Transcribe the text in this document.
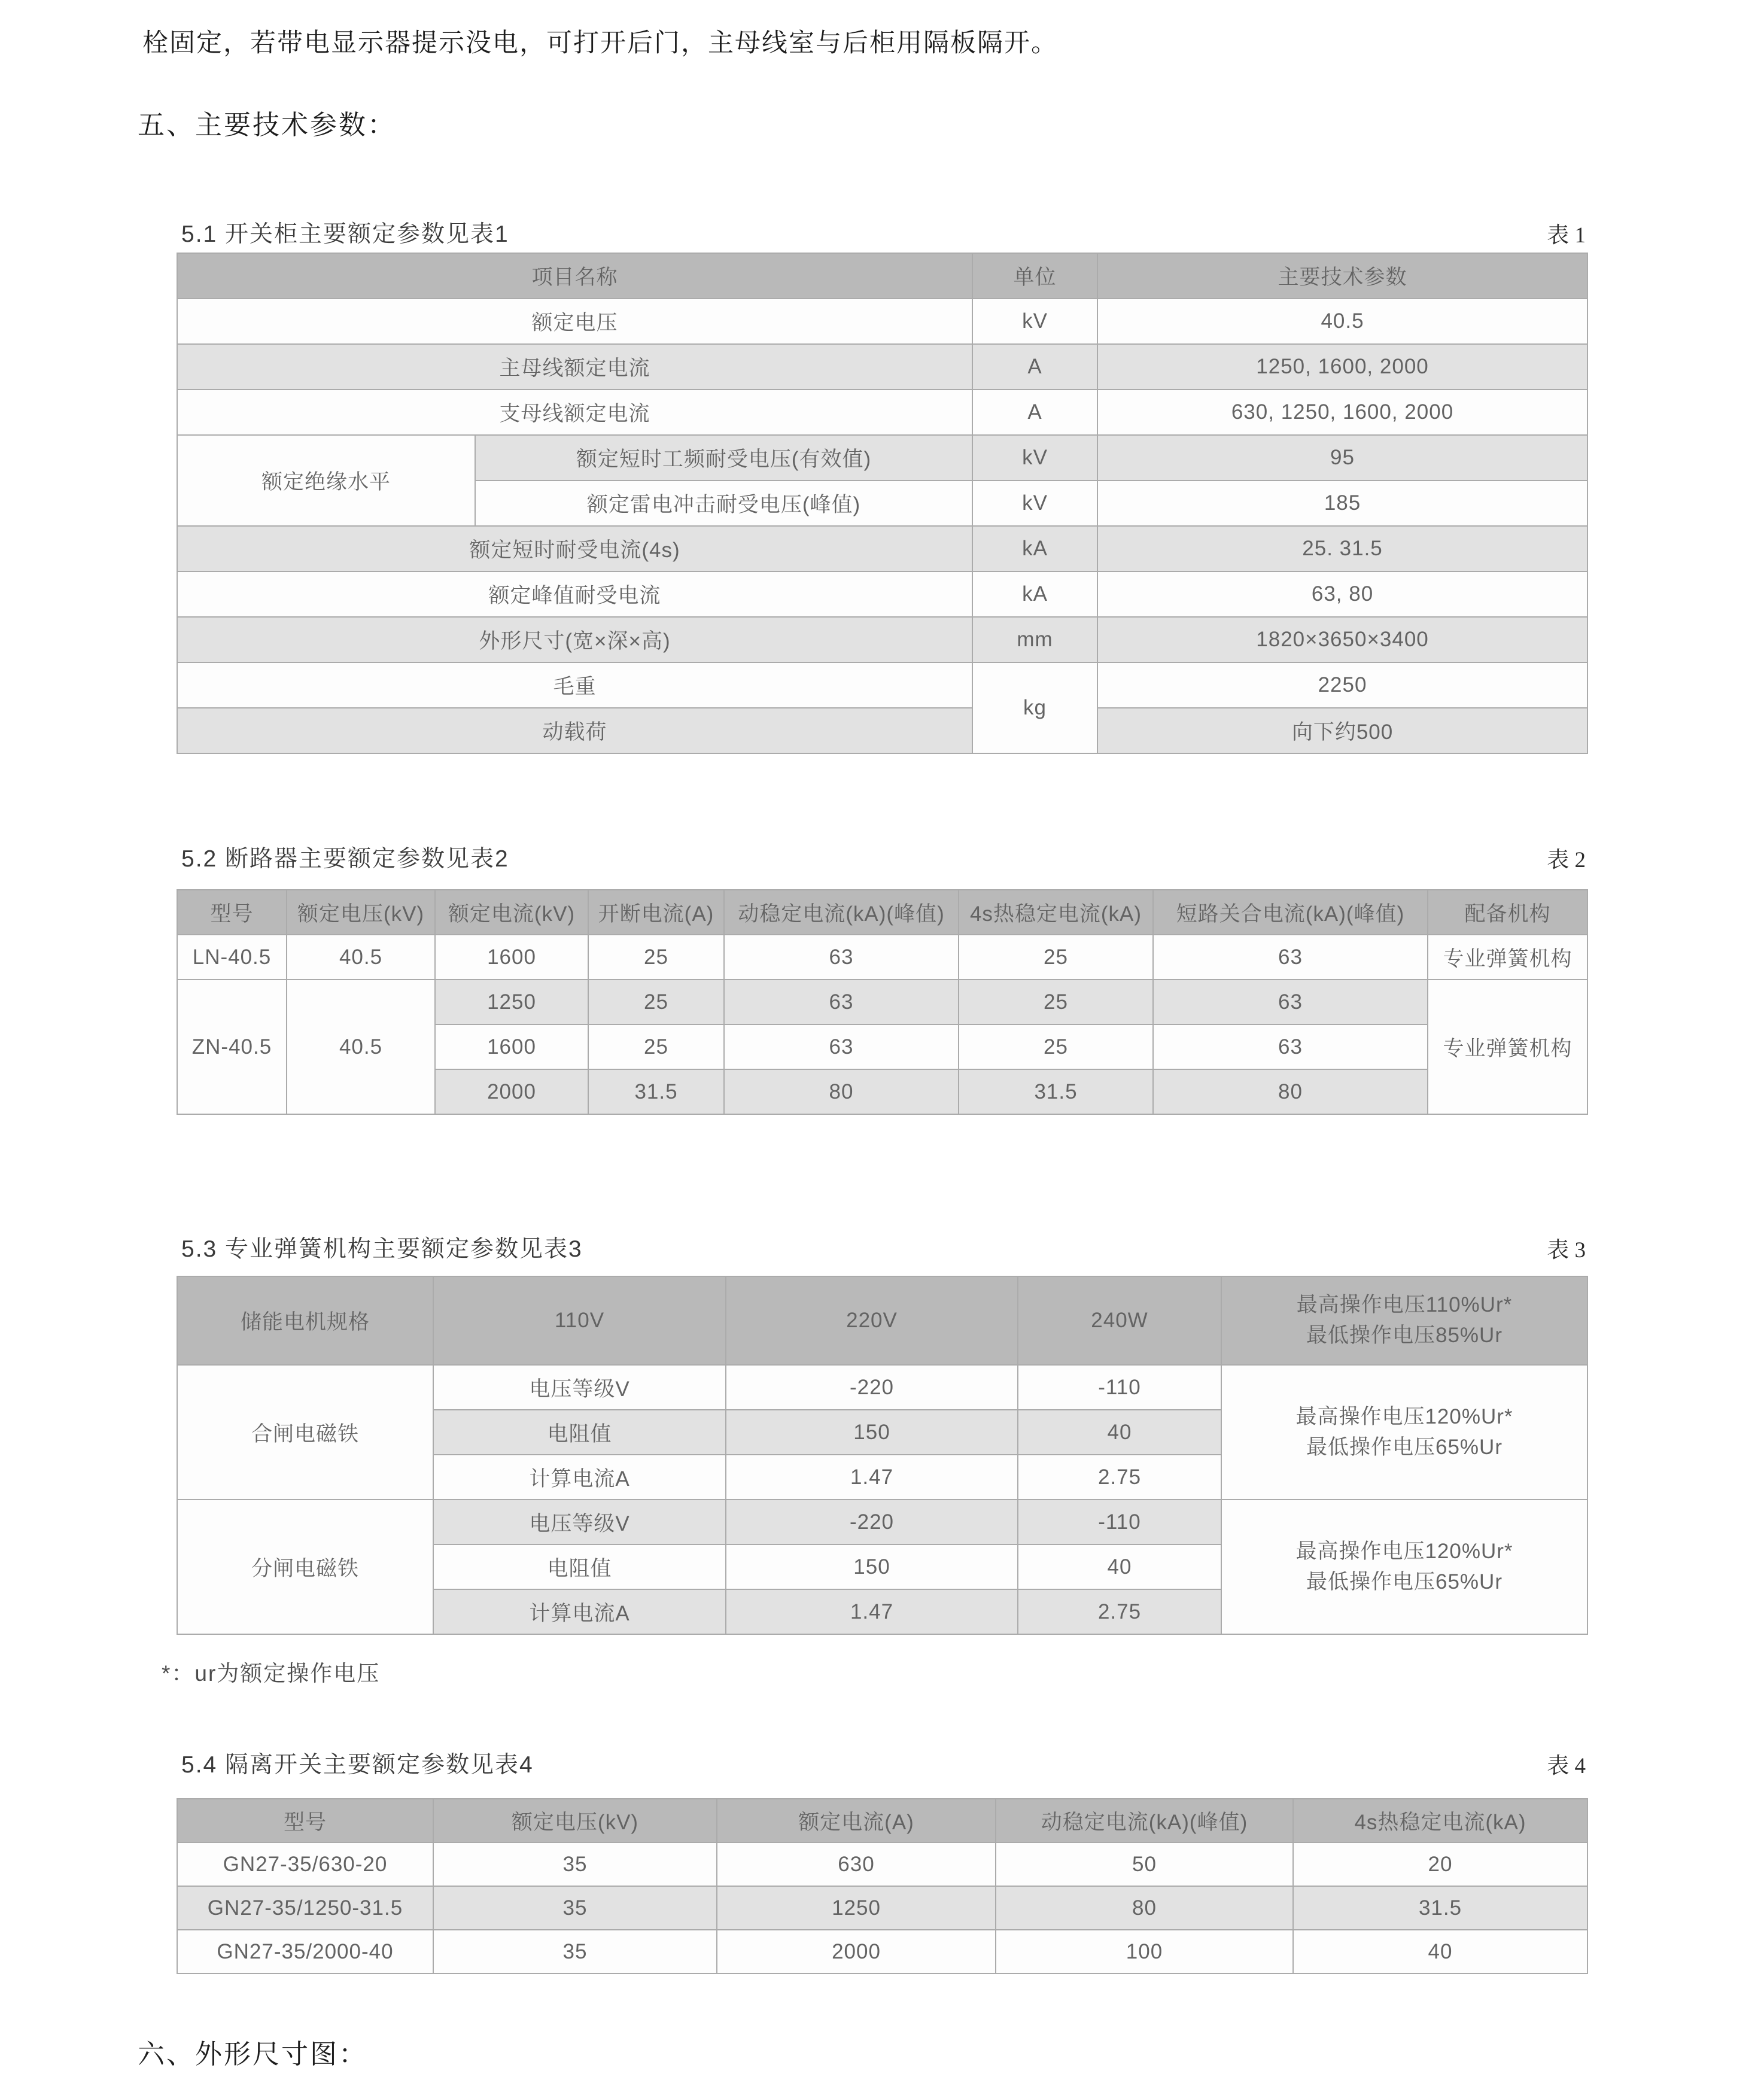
栓固定，若带电显示器提示没电，可打开后门，主母线室与后柜用隔板隔开。
五、主要技术参数：
5.1 开关柜主要额定参数见表1	表 1
项目名称		单位	主要技术参数
额定电压		kV	40.5
主母线额定电流		A	1250, 1600, 2000
支母线额定电流		A	630, 1250, 1600, 2000
额定绝缘水平	额定短时工频耐受电压(有效值)	kV	95
	额定雷电冲击耐受电压(峰值)	kV	185
额定短时耐受电流(4s)		kA	25. 31.5
额定峰值耐受电流		kA	63, 80
外形尺寸(宽×深×高)		mm	1820×3650×3400
毛重		kg	2250
动载荷			向下约500
5.2 断路器主要额定参数见表2	表 2
型号	额定电压(kV)	额定电流(kV)	开断电流(A)	动稳定电流(kA)(峰值)	4s热稳定电流(kA)	短路关合电流(kA)(峰值)	配备机构
LN-40.5	40.5	1600	25	63	25	63	专业弹簧机构
ZN-40.5	40.5	1250	25	63	25	63	专业弹簧机构
		1600	25	63	25	63	
		2000	31.5	80	31.5	80	
5.3 专业弹簧机构主要额定参数见表3	表 3
储能电机规格	110V	220V	240W	最高操作电压110%Ur*
最低操作电压85%Ur

合闸电磁铁	电压等级V	-220	-110	最高操作电压120%Ur*
最低操作电压65%Ur

	电阻值	150	40	
	计算电流A	1.47	2.75	
分闸电磁铁	电压等级V	-220	-110	最高操作电压120%Ur*
最低操作电压65%Ur

	电阻值	150	40	
	计算电流A	1.47	2.75	
*：ur为额定操作电压
5.4 隔离开关主要额定参数见表4	表 4
型号	额定电压(kV)	额定电流(A)	动稳定电流(kA)(峰值)	4s热稳定电流(kA)
GN27-35/630-20	35	630	50	20
GN27-35/1250-31.5	35	1250	80	31.5
GN27-35/2000-40	35	2000	100	40
六、外形尺寸图：
